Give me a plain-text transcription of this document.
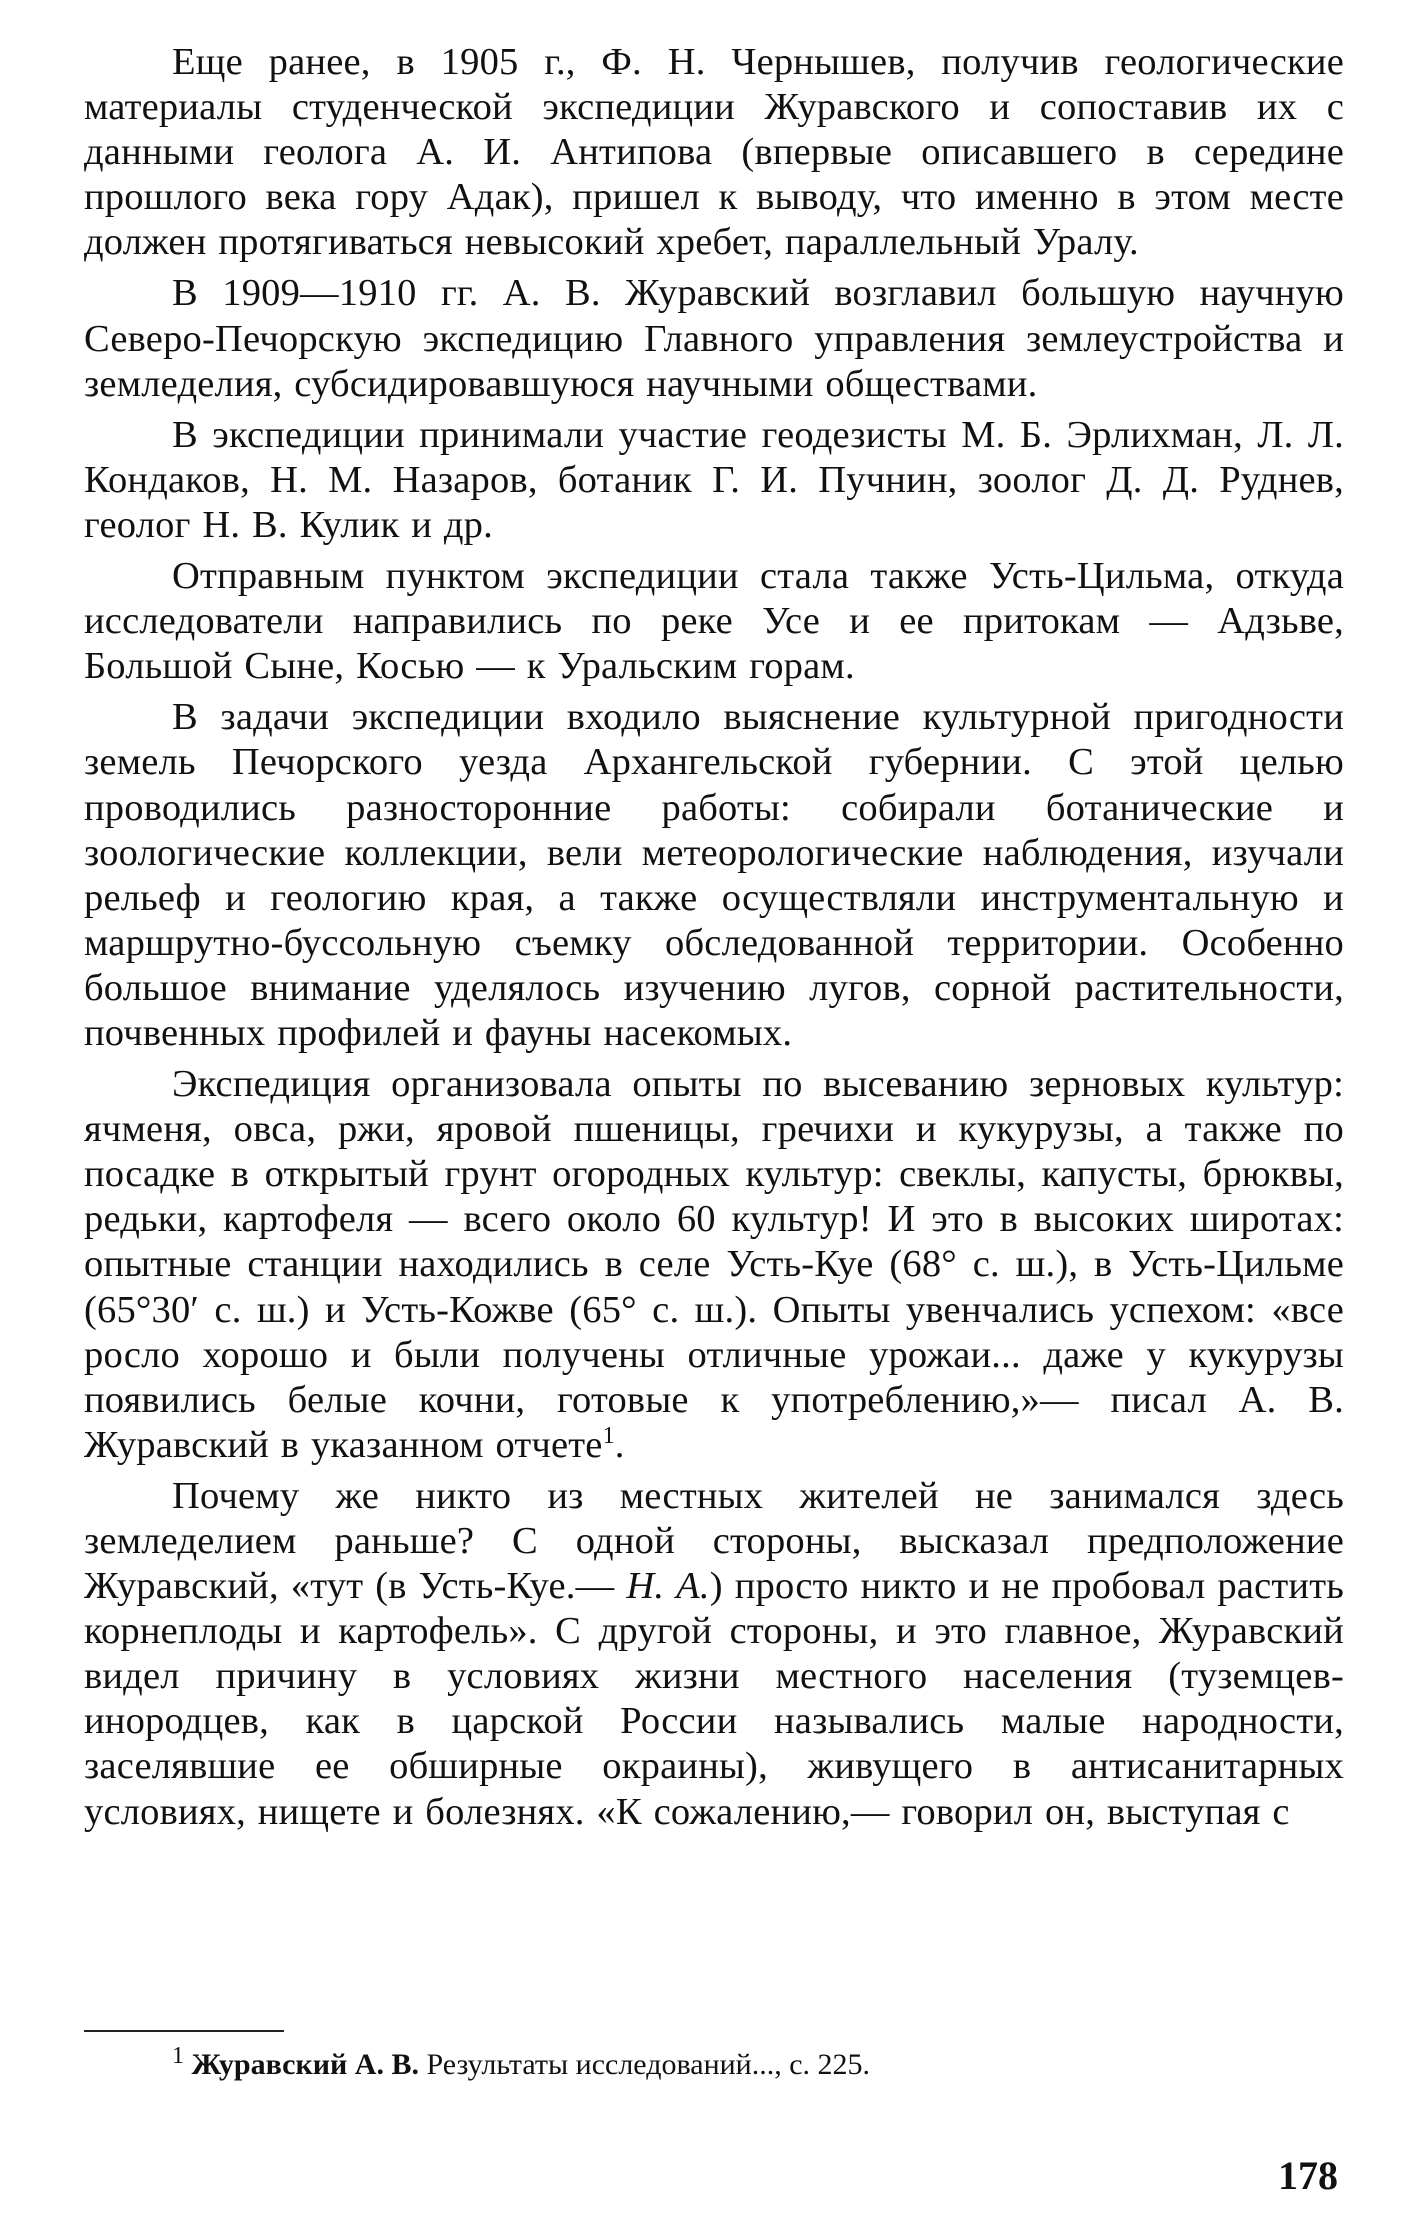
Еще ранее, в 1905 г., Ф. Н. Чернышев, получив геологические материалы студенческой экспедиции Журавского и сопоставив их с данными геолога А. И. Антипова (впервые описавшего в середине прошлого века гору Адак), пришел к выводу, что именно в этом месте должен протягиваться невысокий хребет, параллельный Уралу.

В 1909—1910 гг. А. В. Журавский возглавил большую научную Северо-Печорскую экспедицию Главного управления землеустройства и земледелия, субсидировавшуюся научными обществами.

В экспедиции принимали участие геодезисты М. Б. Эрлихман, Л. Л. Кондаков, Н. М. Назаров, ботаник Г. И. Пучнин, зоолог Д. Д. Руднев, геолог Н. В. Кулик и др.

Отправным пунктом экспедиции стала также Усть-Цильма, откуда исследователи направились по реке Усе и ее притокам — Адзьве, Большой Сыне, Косью — к Уральским горам.

В задачи экспедиции входило выяснение культурной пригодности земель Печорского уезда Архангельской губернии. С этой целью проводились разносторонние работы: собирали ботанические и зоологические коллекции, вели метеорологические наблюдения, изучали рельеф и геологию края, а также осуществляли инструментальную и маршрутно-буссольную съемку обследованной территории. Особенно большое внимание уделялось изучению лугов, сорной растительности, почвенных профилей и фауны насекомых.

Экспедиция организовала опыты по высеванию зерновых культур: ячменя, овса, ржи, яровой пшеницы, гречихи и кукурузы, а также по посадке в открытый грунт огородных культур: свеклы, капусты, брюквы, редьки, картофеля — всего около 60 культур! И это в высоких широтах: опытные станции находились в селе Усть-Куе (68° с. ш.), в Усть-Цильме (65°30′ с. ш.) и Усть-Кожве (65° с. ш.). Опыты увенчались успехом: «все росло хорошо и были получены отличные урожаи... даже у кукурузы появились белые кочни, готовые к употреблению,»— писал А. В. Журавский в указанном отчете$^1$.

Почему же никто из местных жителей не занимался здесь земледелием раньше? С одной стороны, высказал предположение Журавский, «тут (в Усть-Куе.— Н. А.) просто никто и не пробовал растить корнеплоды и картофель». С другой стороны, и это главное, Журавский видел причину в условиях жизни местного населения (туземцев-инородцев, как в царской России назывались малые народности, заселявшие ее обширные окраины), живущего в антисанитарных условиях, нищете и болезнях. «К сожалению,— говорил он, выступая с

$^1$ Журавский А. В. Результаты исследований..., с. 225.

178
